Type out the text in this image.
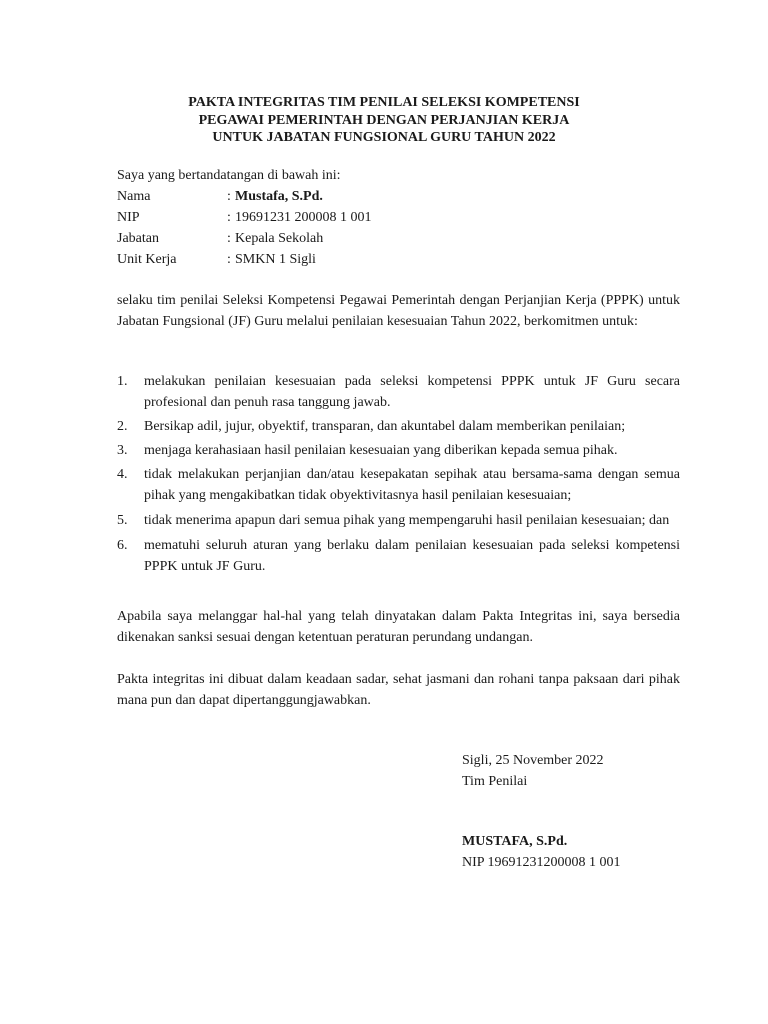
PAKTA INTEGRITAS TIM PENILAI SELEKSI KOMPETENSI
PEGAWAI PEMERINTAH DENGAN PERJANJIAN KERJA
UNTUK JABATAN FUNGSIONAL GURU TAHUN 2022
Saya yang bertandatangan di bawah ini:
Nama	: Mustafa, S.Pd.
NIP	: 19691231 200008 1 001
Jabatan	: Kepala Sekolah
Unit Kerja	: SMKN 1 Sigli
selaku tim penilai Seleksi Kompetensi Pegawai Pemerintah dengan Perjanjian Kerja (PPPK) untuk Jabatan Fungsional (JF) Guru melalui penilaian kesesuaian Tahun 2022, berkomitmen untuk:
1. melakukan penilaian kesesuaian pada seleksi kompetensi PPPK untuk JF Guru secara profesional dan penuh rasa tanggung jawab.
2. Bersikap adil, jujur, obyektif, transparan, dan akuntabel dalam memberikan penilaian;
3. menjaga kerahasiaan hasil penilaian kesesuaian yang diberikan kepada semua pihak.
4. tidak melakukan perjanjian dan/atau kesepakatan sepihak atau bersama-sama dengan semua pihak yang mengakibatkan tidak obyektivitasnya hasil penilaian kesesuaian;
5. tidak menerima apapun dari semua pihak yang mempengaruhi hasil penilaian kesesuaian; dan
6. mematuhi seluruh aturan yang berlaku dalam penilaian kesesuaian pada seleksi kompetensi PPPK untuk JF Guru.
Apabila saya melanggar hal-hal yang telah dinyatakan dalam Pakta Integritas ini, saya bersedia dikenakan sanksi sesuai dengan ketentuan peraturan perundang undangan.
Pakta integritas ini dibuat dalam keadaan sadar, sehat jasmani dan rohani tanpa paksaan dari pihak mana pun dan dapat dipertanggungjawabkan.
Sigli, 25 November 2022
Tim Penilai
MUSTAFA, S.Pd.
NIP 19691231200008 1 001
